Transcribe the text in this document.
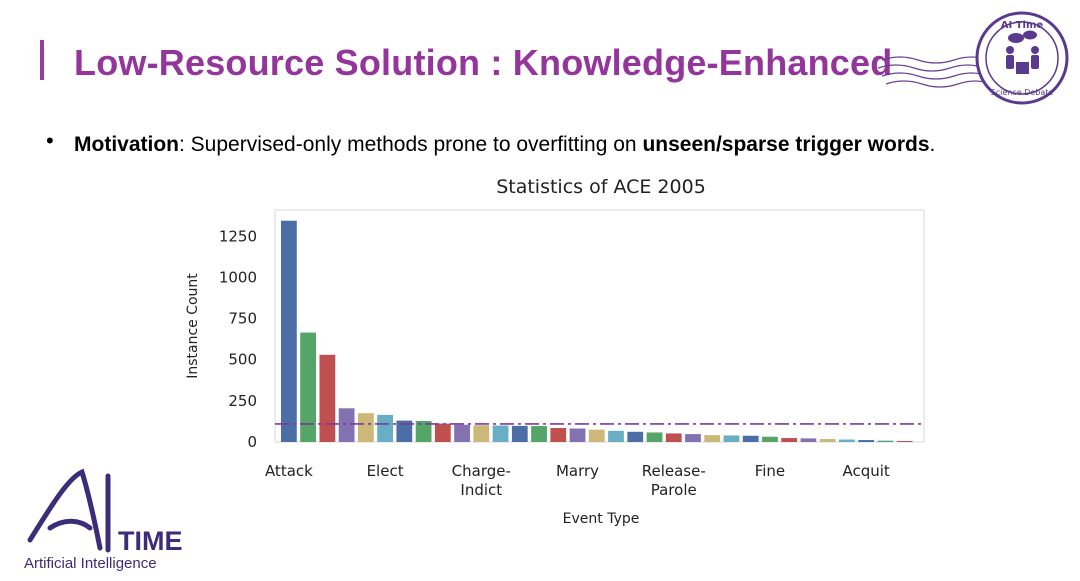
Low-Resource Solution : Knowledge-Enhanced
• Motivation: Supervised-only methods prone to overfitting on unseen/sparse trigger words.
AI Time
Science Debate
AI
TIME
Artificial Intelligence
Statistics of ACE 2005
0
250
500
750
1000
1250
Attack	Elect	Charge-Indict
Marry	Release-Parole
Fine	Acquit
Instance Count
Event Type
